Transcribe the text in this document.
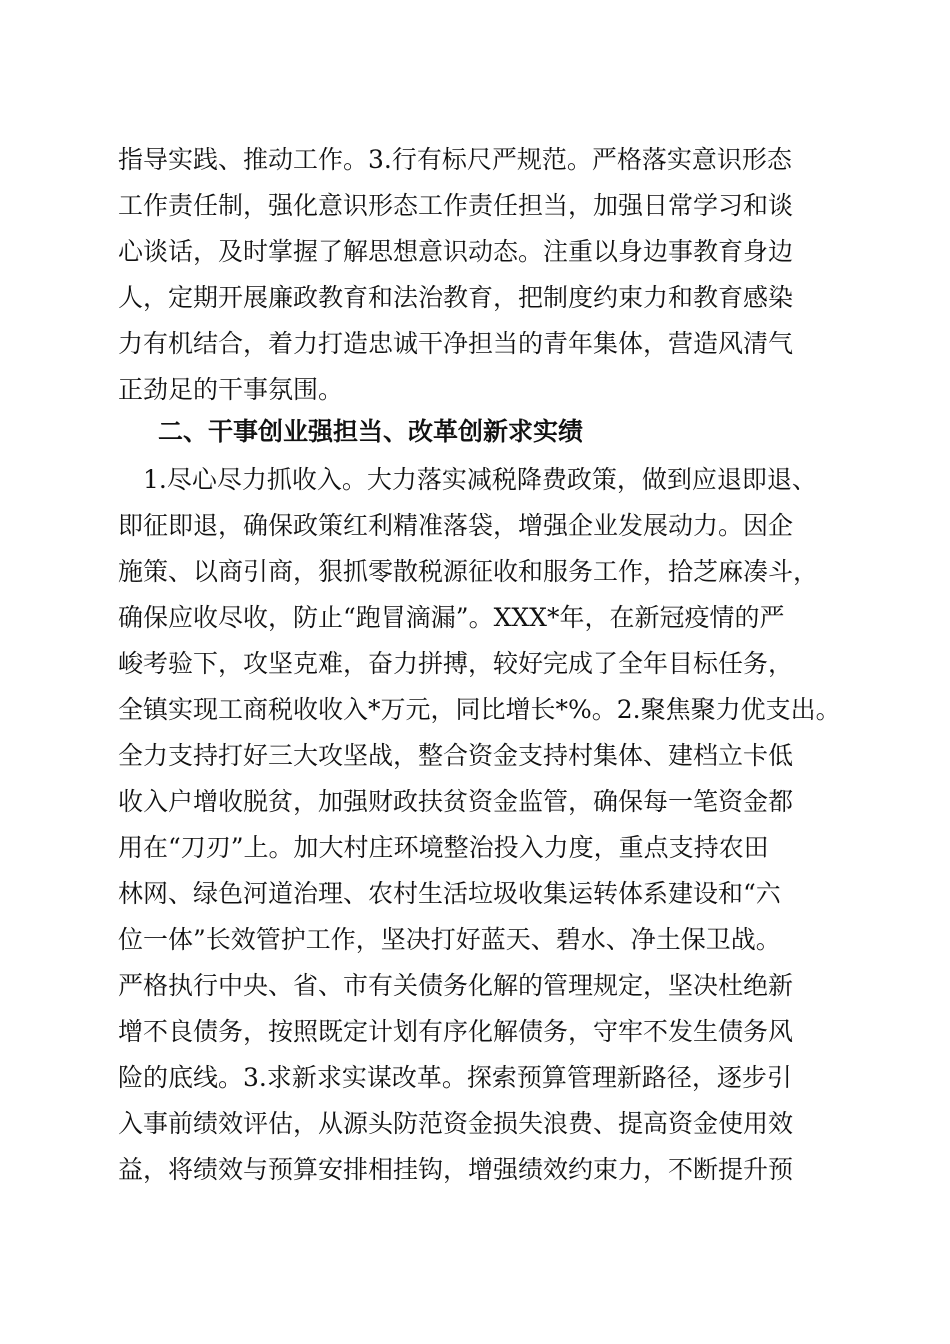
指导实践、推动工作。3.行有标尺严规范。严格落实意识形态
工作责任制，强化意识形态工作责任担当，加强日常学习和谈
心谈话，及时掌握了解思想意识动态。注重以身边事教育身边
人，定期开展廉政教育和法治教育，把制度约束力和教育感染
力有机结合，着力打造忠诚干净担当的青年集体，营造风清气
正劲足的干事氛围。
二、干事创业强担当、改革创新求实绩
　1.尽心尽力抓收入。大力落实减税降费政策，做到应退即退、
即征即退，确保政策红利精准落袋，增强企业发展动力。因企
施策、以商引商，狠抓零散税源征收和服务工作，拾芝麻凑斗，
确保应收尽收，防止“跑冒滴漏”。XXX*年，在新冠疫情的严
峻考验下，攻坚克难，奋力拼搏，较好完成了全年目标任务，
全镇实现工商税收收入*万元，同比增长*%。2.聚焦聚力优支出。
全力支持打好三大攻坚战，整合资金支持村集体、建档立卡低
收入户增收脱贫，加强财政扶贫资金监管，确保每一笔资金都
用在“刀刃”上。加大村庄环境整治投入力度，重点支持农田
林网、绿色河道治理、农村生活垃圾收集运转体系建设和“六
位一体”长效管护工作，坚决打好蓝天、碧水、净土保卫战。
严格执行中央、省、市有关债务化解的管理规定，坚决杜绝新
增不良债务，按照既定计划有序化解债务，守牢不发生债务风
险的底线。3.求新求实谋改革。探索预算管理新路径，逐步引
入事前绩效评估，从源头防范资金损失浪费、提高资金使用效
益，将绩效与预算安排相挂钩，增强绩效约束力，不断提升预
